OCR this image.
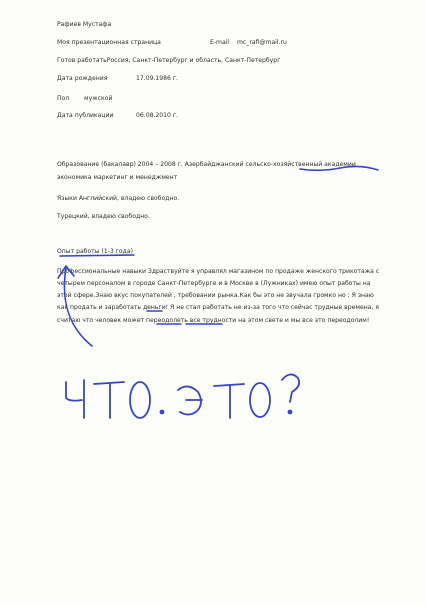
Рафиев Мустафа
Моя презентационная страница	E-mail mc_rafi@mail.ru
Готов работатьРоссия, Санкт-Петербург и область, Санкт-Петербург
Дата рождения	17.09.1986 г.
Пол мужской
Дата публикации	06.08.2010 г.
Образование (бакалавр) 2004 – 2008 г. Азербайджанский сельско-хозяйственный академии
экономика маркетинг и менеджмент
Языки Английский, владею свободно.
Турецкий, владею свободно.
Опыт работы (1-3 года)
Профессиональные навыки Здраствуйте я управлял магазином по продаже женского трикотажа с
четырем персоналом в городе Санкт-Петербурге и в Москве в (Лужниках) имею опыт работы на
этой сфере.Знаю вкус покупателей , требовании рынка.Как бы это не звучала громко но ; Я знаю
как продать и заработать деньги! Я не стал работать не из-за того что сейчас трудные времена, я
считаю что человек может переодолеть все трудности на этом свете и мы все это переодолим!
ЧТО . ЭТО ?
